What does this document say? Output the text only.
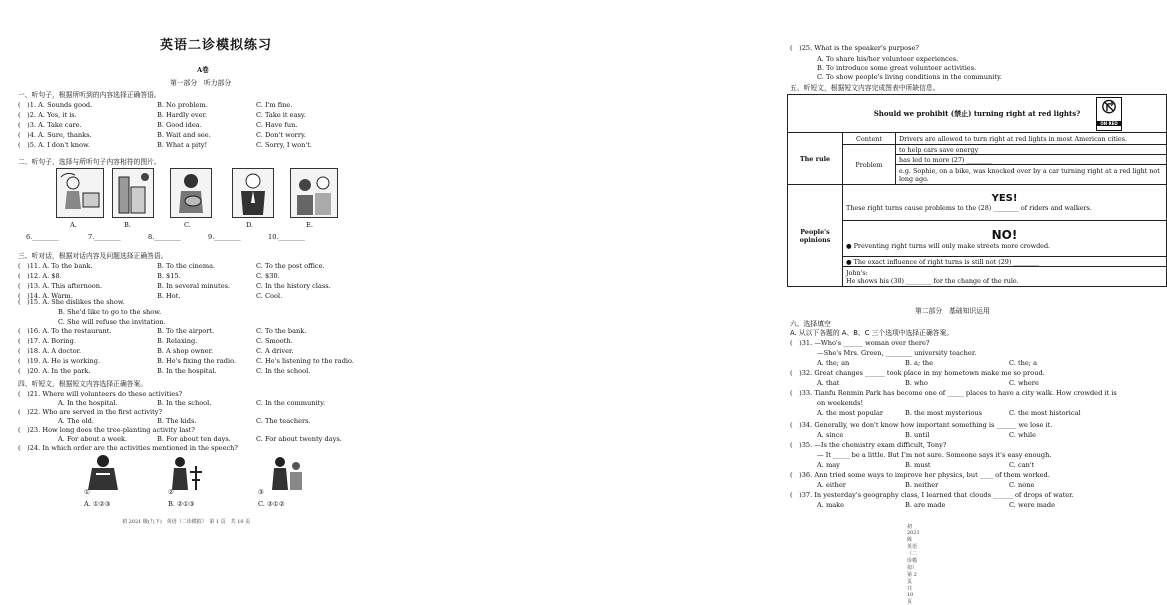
英语二诊模拟练习
A卷
第一部分　听力部分
一、听句子，根据所听到的内容选择正确答语。
(　)1. A. Sounds good.	B. No problem.	C. I'm fine.
(　)2. A. Yes, it is.	B. Hardly ever.	C. Take it easy.
(　)3. A. Take care.	B. Good idea.	C. Have fun.
(　)4. A. Sure, thanks.	B. Wait and see.	C. Don't worry.
(　)5. A. I don't know.	B. What a pity!	C. Sorry, I won't.
二、听句子，选择与所听句子内容相符的图片。
A.	B.	C.	D.	E.
6.________	7.________	8.________	9.________	10.________
三、听对话，根据对话内容及问题选择正确答语。
(　)11. A. To the bank.	B. To the cinema.	C. To the post office.
(　)12. A. $8.	B. $15.	C. $30.
(　)13. A. This afternoon.	B. In several minutes.	C. In the history class.
(　)14. A. Warm.	B. Hot.	C. Cool.
(　)15. A. She dislikes the show.
B. She'd like to go to the show.
C. She will refuse the invitation.
(　)16. A. To the restaurant.	B. To the airport.	C. To the bank.
(　)17. A. Boring.	B. Relaxing.	C. Smooth.
(　)18. A. A doctor.	B. A shop owner.	C. A driver.
(　)19. A. He is working.	B. He's fixing the radio.	C. He's listening to the radio.
(　)20. A. In the park.	B. In the hospital.	C. In the school.
四、听短文，根据短文内容选择正确答案。
(　)21. Where will volunteers do these activities?
A. In the hospital.	B. In the school.	C. In the community.
(　)22. Who are served in the first activity?
A. The old.	B. The kids.	C. The teachers.
(　)23. How long does the tree-planting activity last?
A. For about a week.	B. For about ten days.	C. For about twenty days.
(　)24. In which order are the activities mentioned in the speech?
①	②	③
A. ①②③	B. ②①③	C. ③①②
初 2021 级(九下)　英语（二诊模拟）　第 1 页　共 10 页
(　)25. What is the speaker's purpose?
A. To share his/her volunteer experiences.
B. To introduce some great volunteer activities.
C. To show people's living conditions in the community.
五、听短文，根据短文内容完成图表中所缺信息。
Should we prohibit (禁止) turning right at red lights?
ON RED		

The rule	Content	Drivers are allowed to turn right at red lights in most American cities.
	Problem	to help cars save energy
		has led to more (27) ________
		e.g. Sophie, on a bike, was knocked over by a car turning right at a red light not long ago.
People's opinions	YES!
These right turns cause problems to the (28) ________ of riders and walkers.	

	NO!
● Preventing right turns will only make streets more crowded.	

	● The exact influence of right turns is still not (29) ________	

	John's:
He shows his (30) ________ for the change of the rule.	
第二部分　基础知识运用
六、选择填空
A. 从以下各题的 A、B、C 三个选项中选择正确答案。
(　)31. —Who's ______ woman over there?
—She's Mrs. Green, ________ university teacher.
A. the; an	B. a; the	C. the; a
(　)32. Great changes ______ took place in my hometown make me so proud.
A. that	B. who	C. where
(　)33. Tianfu Renmin Park has become one of _____ places to have a city walk. How crowded it is
on weekends!
A. the most popular	B. the most mysterious	C. the most historical
(　)34. Generally, we don't know how important something is ______ we lose it.
A. since	B. until	C. while
(　)35. —Is the chemistry exam difficult, Tony?
— It _____ be a little. But I'm not sure. Someone says it's easy enough.
A. may	B. must	C. can't
(　)36. Ann tried some ways to improve her physics, but ____ of them worked.
A. either	B. neither	C. none
(　)37. In yesterday's geography class, I learned that clouds ______ of drops of water.
A. make	B. are made	C. were made
初 2021 级　英语（二诊模拟）　第 2 页　共 10 页
